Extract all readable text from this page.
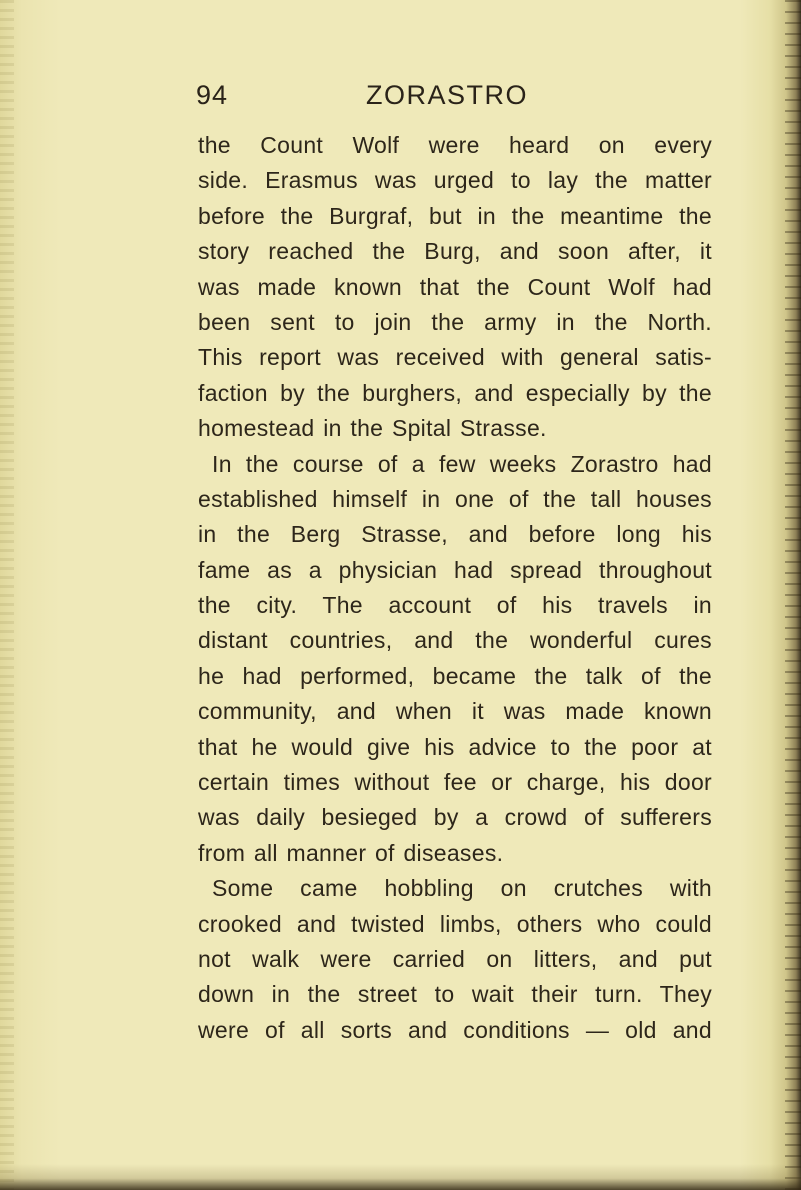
94	ZORASTRO
the Count Wolf were heard on every
side. Erasmus was urged to lay the matter
before the Burgraf, but in the meantime the
story reached the Burg, and soon after, it
was made known that the Count Wolf had
been sent to join the army in the North.
This report was received with general satis-
faction by the burghers, and especially by the
homestead in the Spital Strasse.
In the course of a few weeks Zorastro had
established himself in one of the tall houses
in the Berg Strasse, and before long his
fame as a physician had spread throughout
the city. The account of his travels in
distant countries, and the wonderful cures
he had performed, became the talk of the
community, and when it was made known
that he would give his advice to the poor at
certain times without fee or charge, his door
was daily besieged by a crowd of sufferers
from all manner of diseases.
Some came hobbling on crutches with
crooked and twisted limbs, others who could
not walk were carried on litters, and put
down in the street to wait their turn. They
were of all sorts and conditions — old and
